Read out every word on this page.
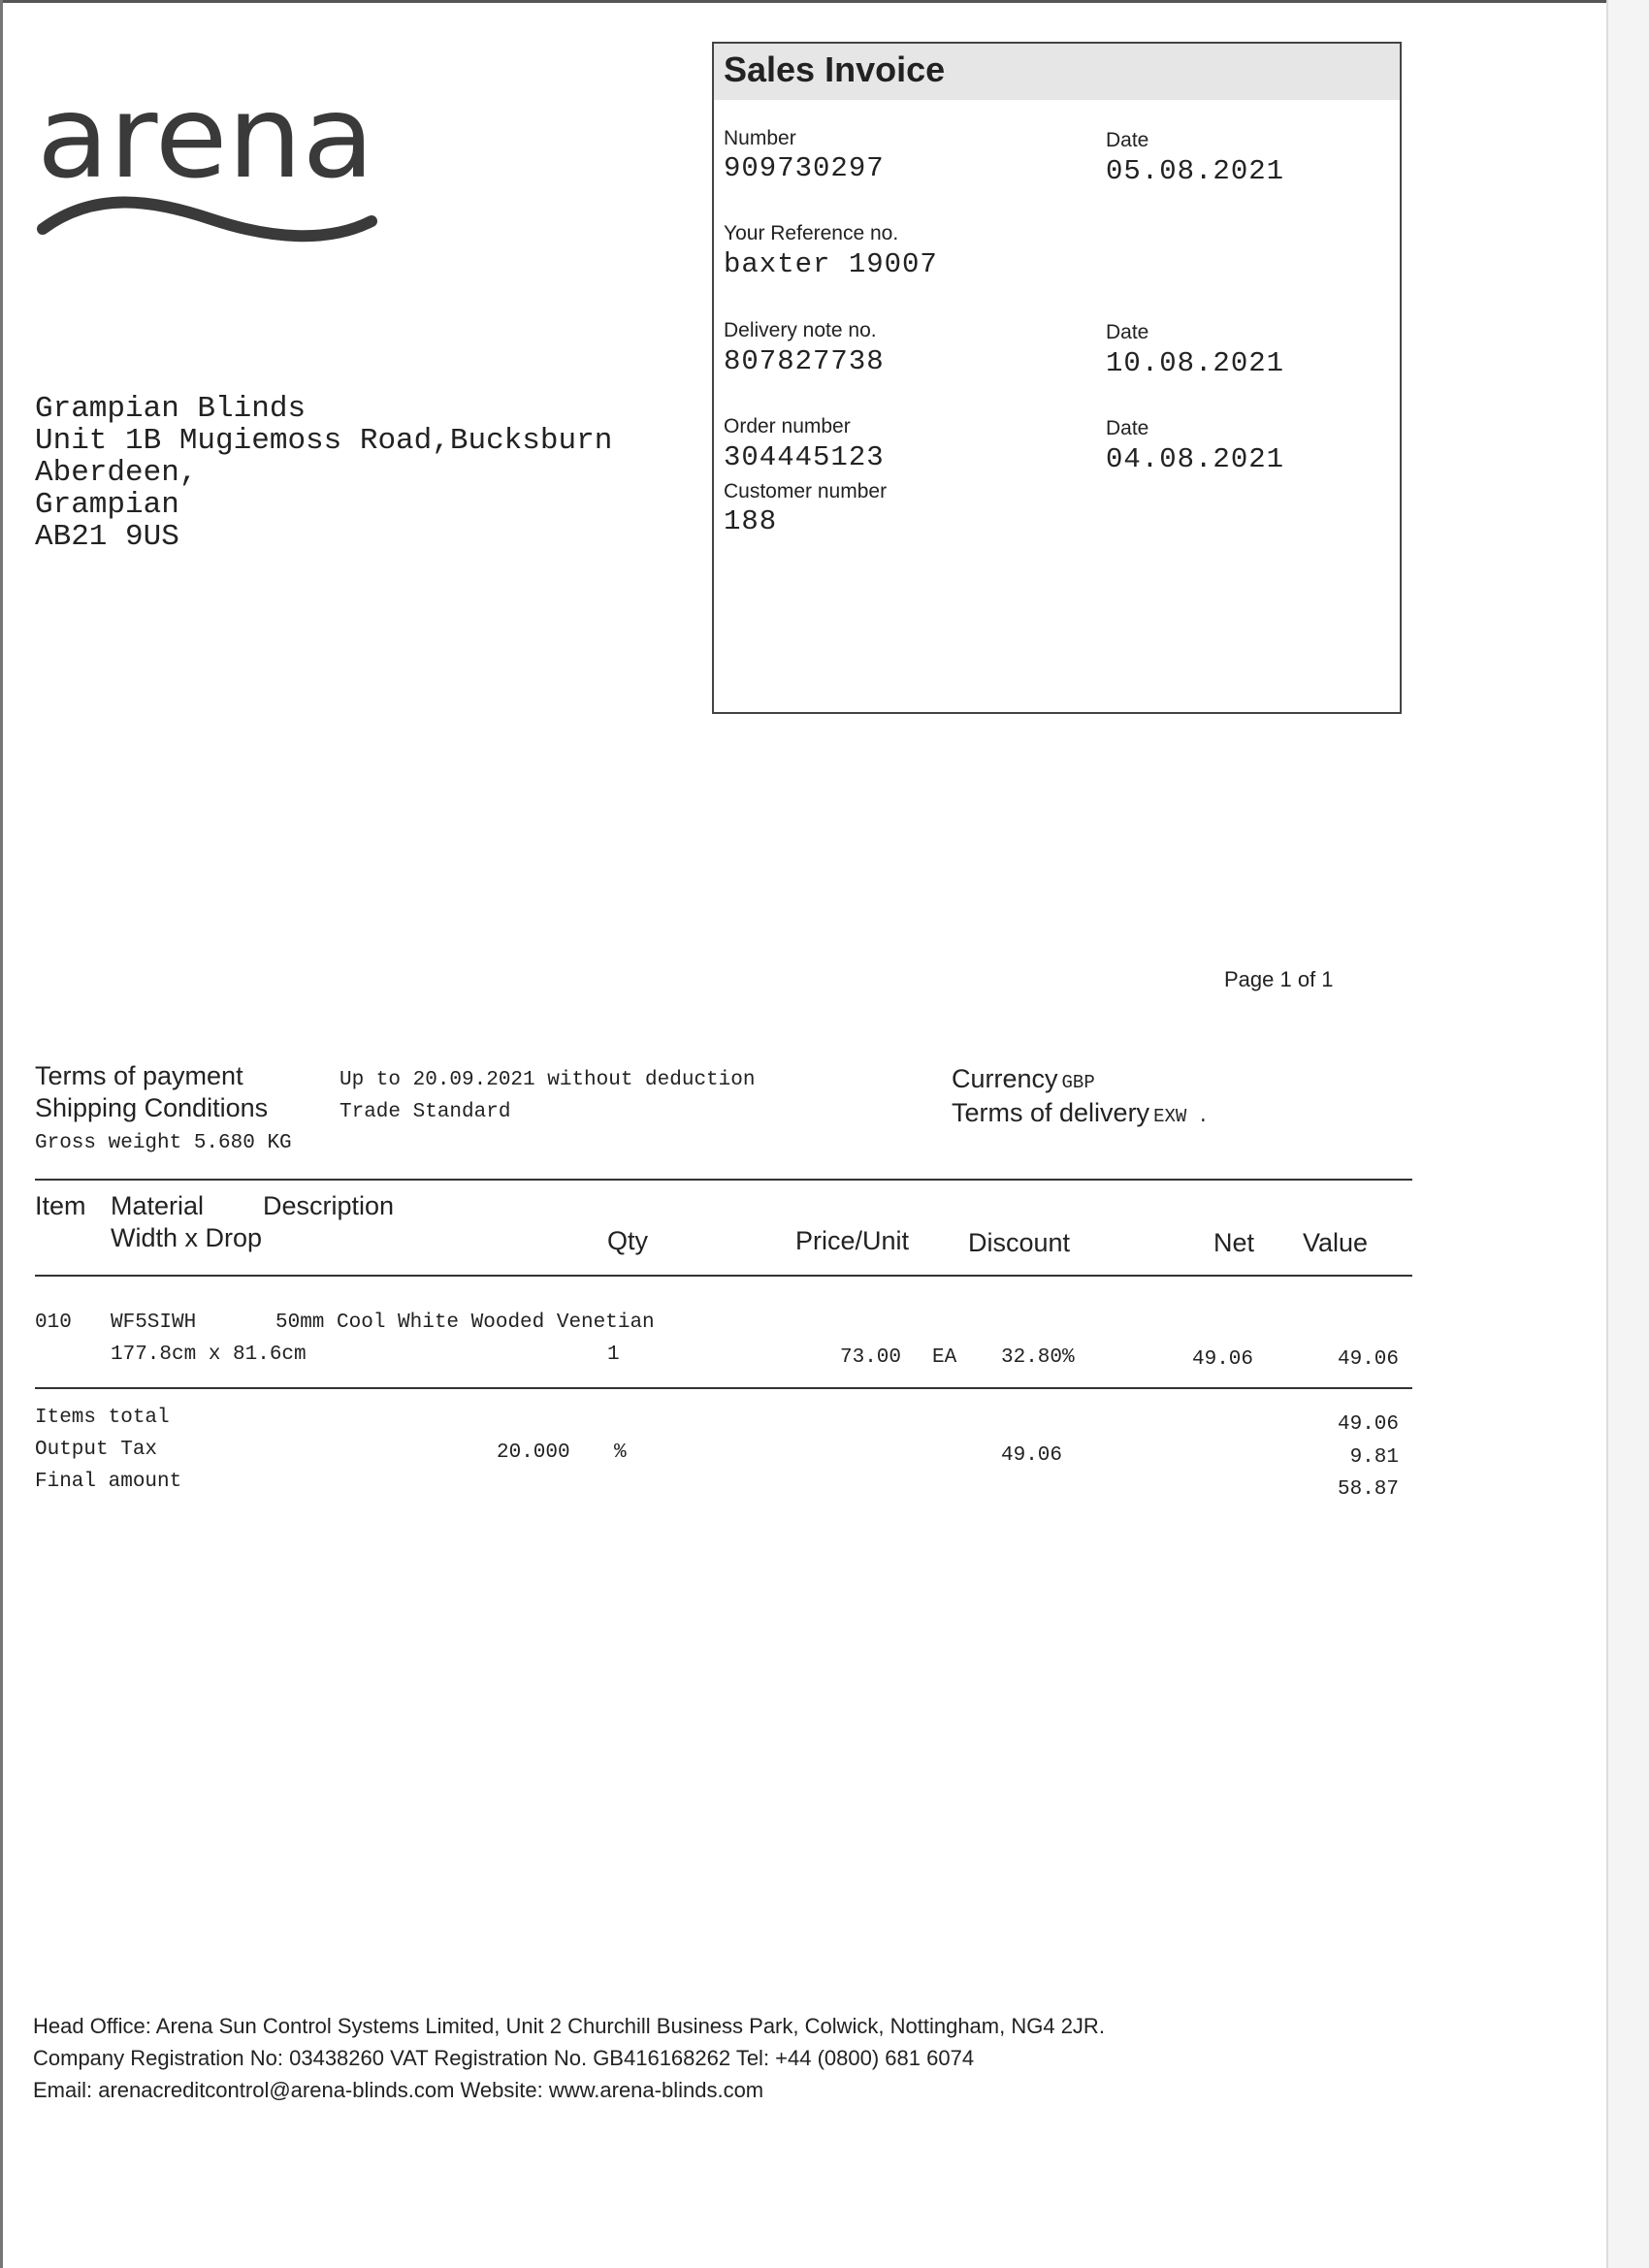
arena
Grampian Blinds
Unit 1B Mugiemoss Road,Bucksburn
Aberdeen,
Grampian
AB21 9US
Sales Invoice
Number
909730297
Date
05.08.2021
Your Reference no.
baxter 19007
Delivery note no.
807827738
Date
10.08.2021
Order number
304445123
Date
04.08.2021
Customer number
188
Page 1 of 1
Terms of payment	Up to 20.09.2021 without deduction
Shipping Conditions	Trade Standard
Gross weight 5.680 KG
Currency GBP
Terms of delivery EXW .
Item Material Description
Width x Drop	Qty	Price/Unit Discount	Net Value
010 WF5SIWH	50mm Cool White Wooded Venetian
177.8cm x 81.6cm	1	73.00 EA 32.80%	49.06	49.06
Items total	49.06
Output Tax	20.000 %	49.06	9.81
Final amount	58.87
Head Office: Arena Sun Control Systems Limited, Unit 2 Churchill Business Park, Colwick, Nottingham, NG4 2JR.
Company Registration No: 03438260 VAT Registration No. GB416168262 Tel: +44 (0800) 681 6074
Email: arenacreditcontrol@arena-blinds.com Website: www.arena-blinds.com
